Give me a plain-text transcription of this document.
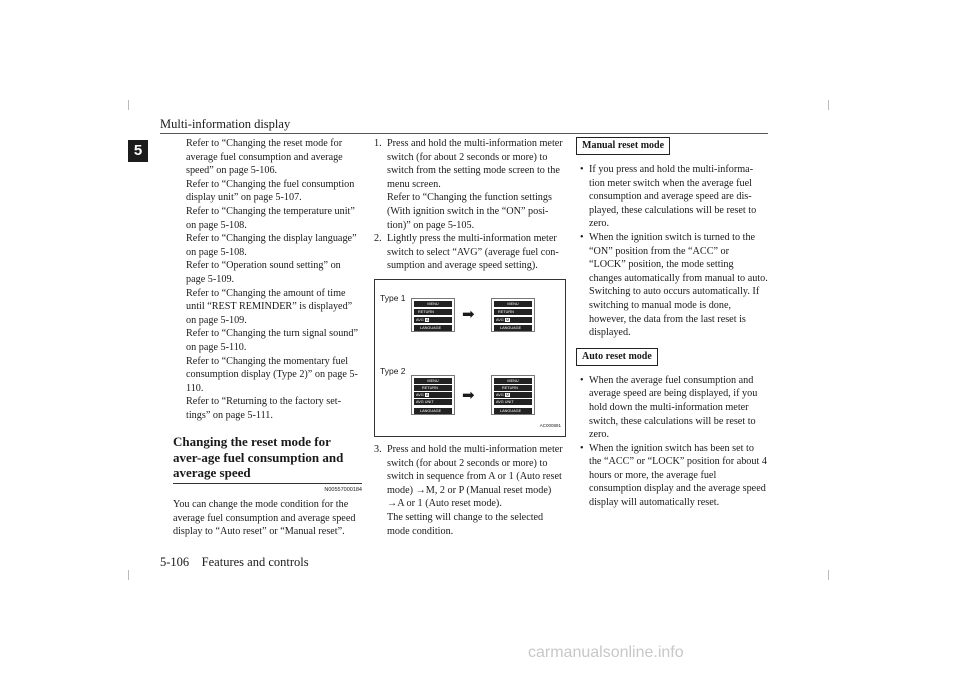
Multi-information display
5	Refer to “Changing the reset mode for average fuel consumption and average speed” on page 5-106.

Refer to “Changing the fuel consumption display unit” on page 5-107.

Refer to “Changing the temperature unit” on page 5-108.

Refer to “Changing the display language” on page 5-108.

Refer to “Operation sound setting” on page 5-109.

Refer to “Changing the amount of time until “REST REMINDER” is displayed” on page 5-109.

Refer to “Changing the turn signal sound” on page 5-110.

Refer to “Changing the momentary fuel consumption display (Type 2)” on page 5-110.

Refer to “Returning to the factory set-tings” on page 5-111.

Changing the reset mode for aver-age fuel consumption and average speed
N00557000184

You can change the mode condition for the average fuel consumption and average speed display to “Auto reset” or “Manual reset”.

1. Press and hold the multi-information meter switch (for about 2 seconds or more) to switch from the setting mode screen to the menu screen.

Refer to “Changing the function settings (With ignition switch in the “ON” posi-tion)” on page 5-105.

2. Lightly press the multi-information meter switch to select “AVG” (average fuel con-sumption and average speed setting).
Type 1
Type 2
MENU
RETURN
AVG A
LANGUAGE
➡
MENU
RETURN
AVG M
LANGUAGE
MENU
RETURN
AVG A
AVG UNIT
LANGUAGE
➡
MENU
RETURN
AVG M
AVG UNIT
LANGUAGE
AC000881
3. Press and hold the multi-information meter switch (for about 2 seconds or more) to switch in sequence from A or 1 (Auto reset mode) →M, 2 or P (Manual reset mode) →A or 1 (Auto reset mode).

The setting will change to the selected mode condition.

Manual reset mode
• If you press and hold the multi-informa-tion meter switch when the average fuel consumption and average speed are dis-played, these calculations will be reset to zero.
• When the ignition switch is turned to the “ON” position from the “ACC” or “LOCK” position, the mode setting changes automatically from manual to auto.

Switching to auto occurs automatically. If switching to manual mode is done, however, the data from the last reset is displayed.

Auto reset mode
• When the average fuel consumption and average speed are being displayed, if you hold down the multi-information meter switch, these calculations will be reset to zero.
• When the ignition switch has been set to the “ACC” or “LOCK” position for about 4 hours or more, the average fuel consumption display and the average speed display will automatically reset.
5-106 Features and controls
carmanualsonline.info
